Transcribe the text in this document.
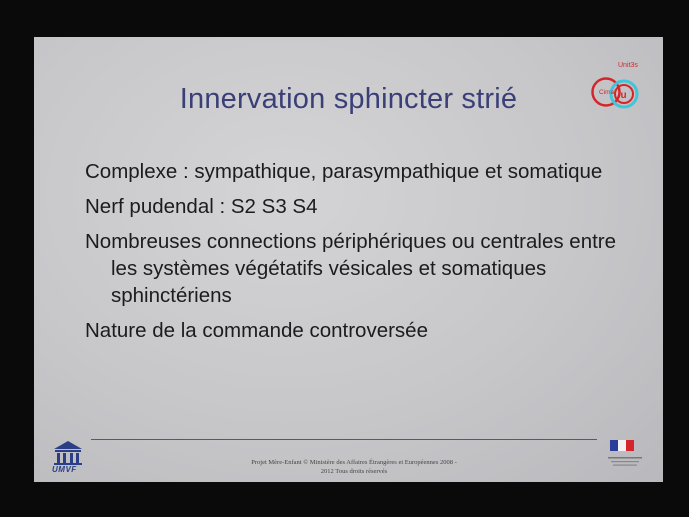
Innervation sphincter strié	Cimal u
Unit3s
Complexe : sympathique, parasympathique et somatique
Nerf pudendal : S2 S3 S4
Nombreuses connections périphériques ou centrales entre les systèmes végétatifs vésicales et somatiques sphinctériens
Nature de la commande controversée
UMVF
Projet Mère-Enfant © Ministère des Affaires Étrangères et Européennes 2008 -
2012 Tous droits réservés
